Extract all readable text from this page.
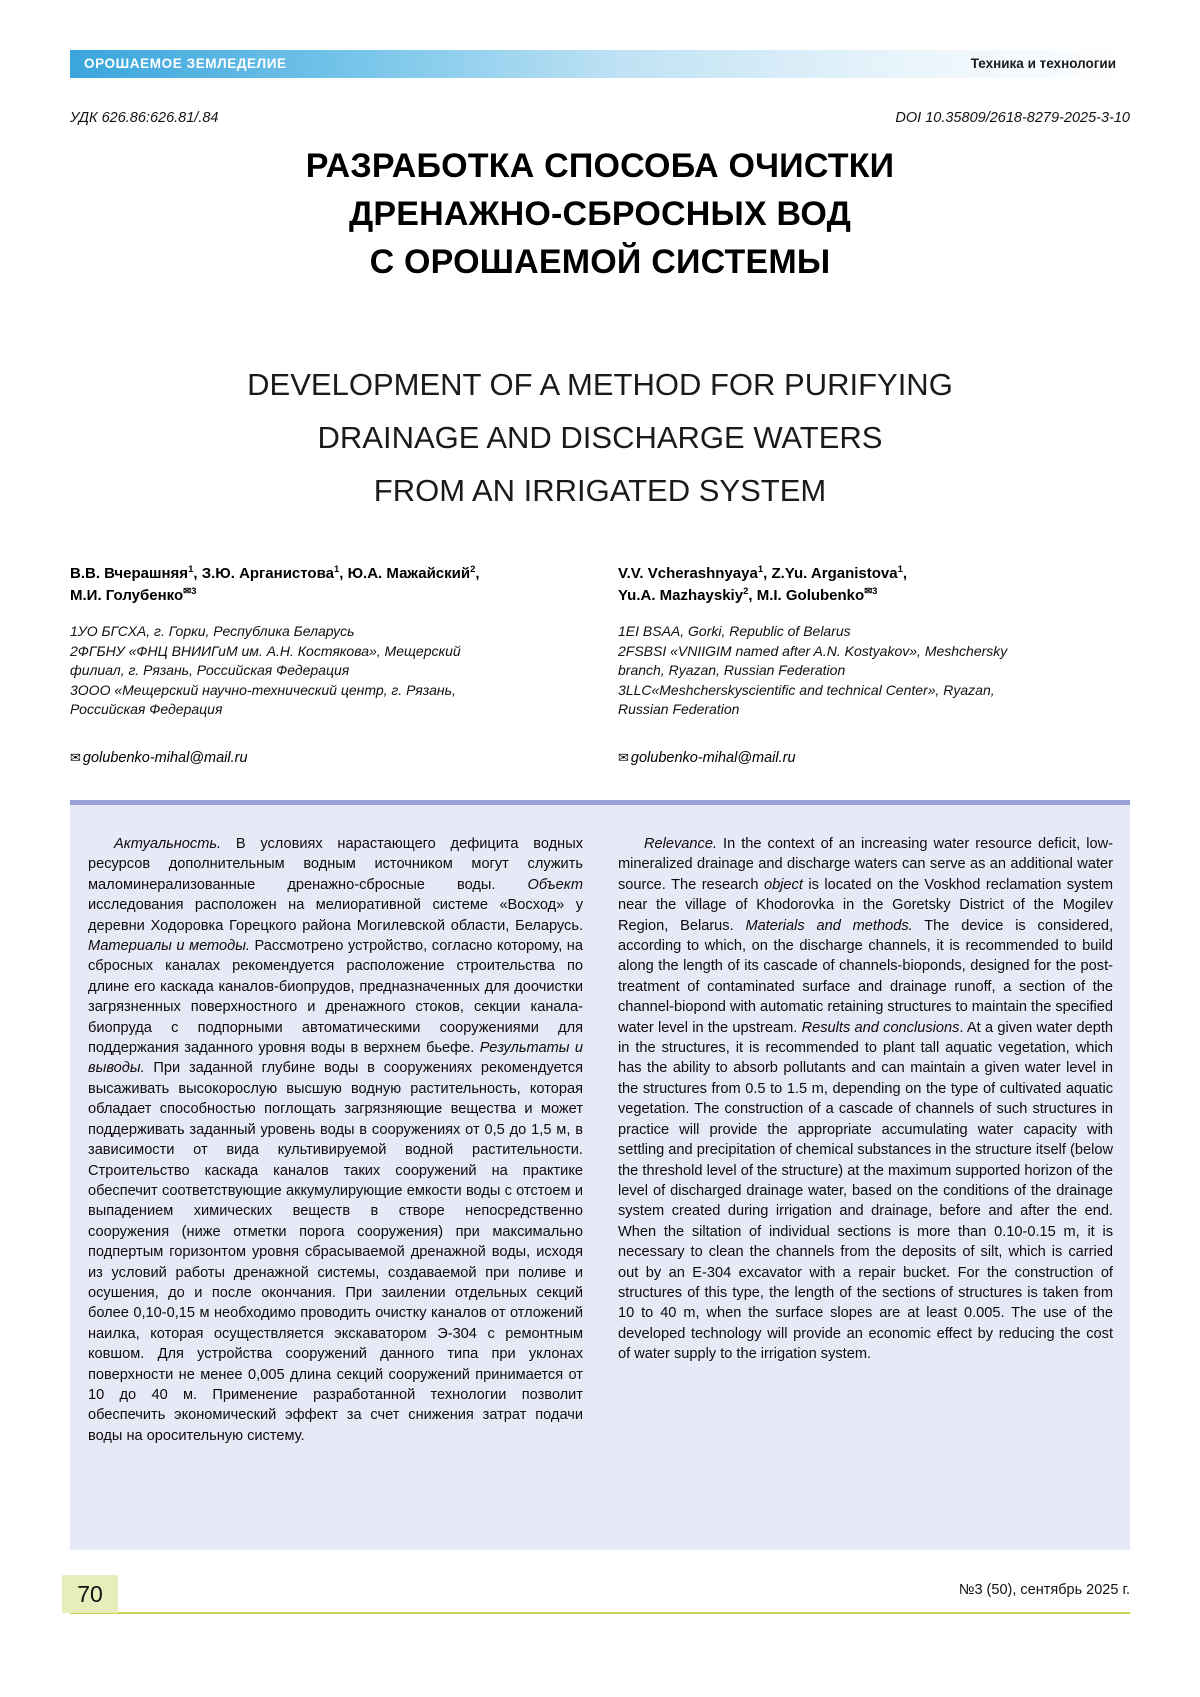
ОРОШАЕМОЕ ЗЕМЛЕДЕЛИЕ	Техника и технологии
УДК 626.86:626.81/.84	DOI 10.35809/2618-8279-2025-3-10
РАЗРАБОТКА СПОСОБА ОЧИСТКИ
ДРЕНАЖНО-СБРОСНЫХ ВОД
С ОРОШАЕМОЙ СИСТЕМЫ
DEVELOPMENT OF A METHOD FOR PURIFYING
DRAINAGE AND DISCHARGE WATERS
FROM AN IRRIGATED SYSTEM
В.В. Вчерашняя$^1$, З.Ю. Арганистова$^1$, Ю.А. Мажайский$^2$,
М.И. Голубенко$^{✉3}$
V.V. Vcherashnyaya$^1$, Z.Yu. Arganistova$^1$,
Yu.A. Mazhayskiy$^2$, M.I. Golubenko$^{✉3}$
1УО БГСХА, г. Горки, Республика Беларусь
2ФГБНУ «ФНЦ ВНИИГиМ им. А.Н. Костякова», Мещерский
филиал, г. Рязань, Российская Федерация
3ООО «Мещерский научно-технический центр, г. Рязань,
Российская Федерация
1EI BSAA, Gorki, Republic of Belarus
2FSBSI «VNIIGIM named after A.N. Kostyakov», Meshchersky
branch, Ryazan, Russian Federation
3LLC«Meshcherskyscientific and technical Center», Ryazan,
Russian Federation
✉ golubenko-mihal@mail.ru	✉ golubenko-mihal@mail.ru
Актуальность. В условиях нарастающего дефицита водных ресурсов дополнительным водным источником могут служить маломинерализованные дренажно-сбросные воды. Объект исследования расположен на мелиоративной системе «Восход» у деревни Ходоровка Горецкого района Могилевской области, Беларусь. Материалы и методы. Рассмотрено устройство, согласно которому, на сбросных каналах рекомендуется расположение строительства по длине его каскада каналов-биопрудов, предназначенных для доочистки загрязненных поверхностного и дренажного стоков, секции канала-биопруда с подпорными автоматическими сооружениями для поддержания заданного уровня воды в верхнем бьефе. Результаты и выводы. При заданной глубине воды в сооружениях рекомендуется высаживать высокорослую высшую водную растительность, которая обладает способностью поглощать загрязняющие вещества и может поддерживать заданный уровень воды в сооружениях от 0,5 до 1,5 м, в зависимости от вида культивируемой водной растительности. Строительство каскада каналов таких сооружений на практике обеспечит соответствующие аккумулирующие емкости воды с отстоем и выпадением химических веществ в створе непосредственно сооружения (ниже отметки порога сооружения) при максимально подпертым горизонтом уровня сбрасываемой дренажной воды, исходя из условий работы дренажной системы, создаваемой при поливе и осушения, до и после окончания. При заилении отдельных секций более 0,10-0,15 м необходимо проводить очистку каналов от отложений наилка, которая осуществляется экскаватором Э-304 с ремонтным ковшом. Для устройства сооружений данного типа при уклонах поверхности не менее 0,005 длина секций сооружений принимается от 10 до 40 м. Применение разработанной технологии позволит обеспечить экономический эффект за счет снижения затрат подачи воды на оросительную систему.
Relevance. In the context of an increasing water resource deficit, low-mineralized drainage and discharge waters can serve as an additional water source. The research object is located on the Voskhod reclamation system near the village of Khodorovka in the Goretsky District of the Mogilev Region, Belarus. Materials and methods. The device is considered, according to which, on the discharge channels, it is recommended to build along the length of its cascade of channels-bioponds, designed for the post-treatment of contaminated surface and drainage runoff, a section of the channel-biopond with automatic retaining structures to maintain the specified water level in the upstream. Results and conclusions. At a given water depth in the structures, it is recommended to plant tall aquatic vegetation, which has the ability to absorb pollutants and can maintain a given water level in the structures from 0.5 to 1.5 m, depending on the type of cultivated aquatic vegetation. The construction of a cascade of channels of such structures in practice will provide the appropriate accumulating water capacity with settling and precipitation of chemical substances in the structure itself (below the threshold level of the structure) at the maximum supported horizon of the level of discharged drainage water, based on the conditions of the drainage system created during irrigation and drainage, before and after the end. When the siltation of individual sections is more than 0.10-0.15 m, it is necessary to clean the channels from the deposits of silt, which is carried out by an E-304 excavator with a repair bucket. For the construction of structures of this type, the length of the sections of structures is taken from 10 to 40 m, when the surface slopes are at least 0.005. The use of the developed technology will provide an economic effect by reducing the cost of water supply to the irrigation system.
70	№3 (50), сентябрь 2025 г.
